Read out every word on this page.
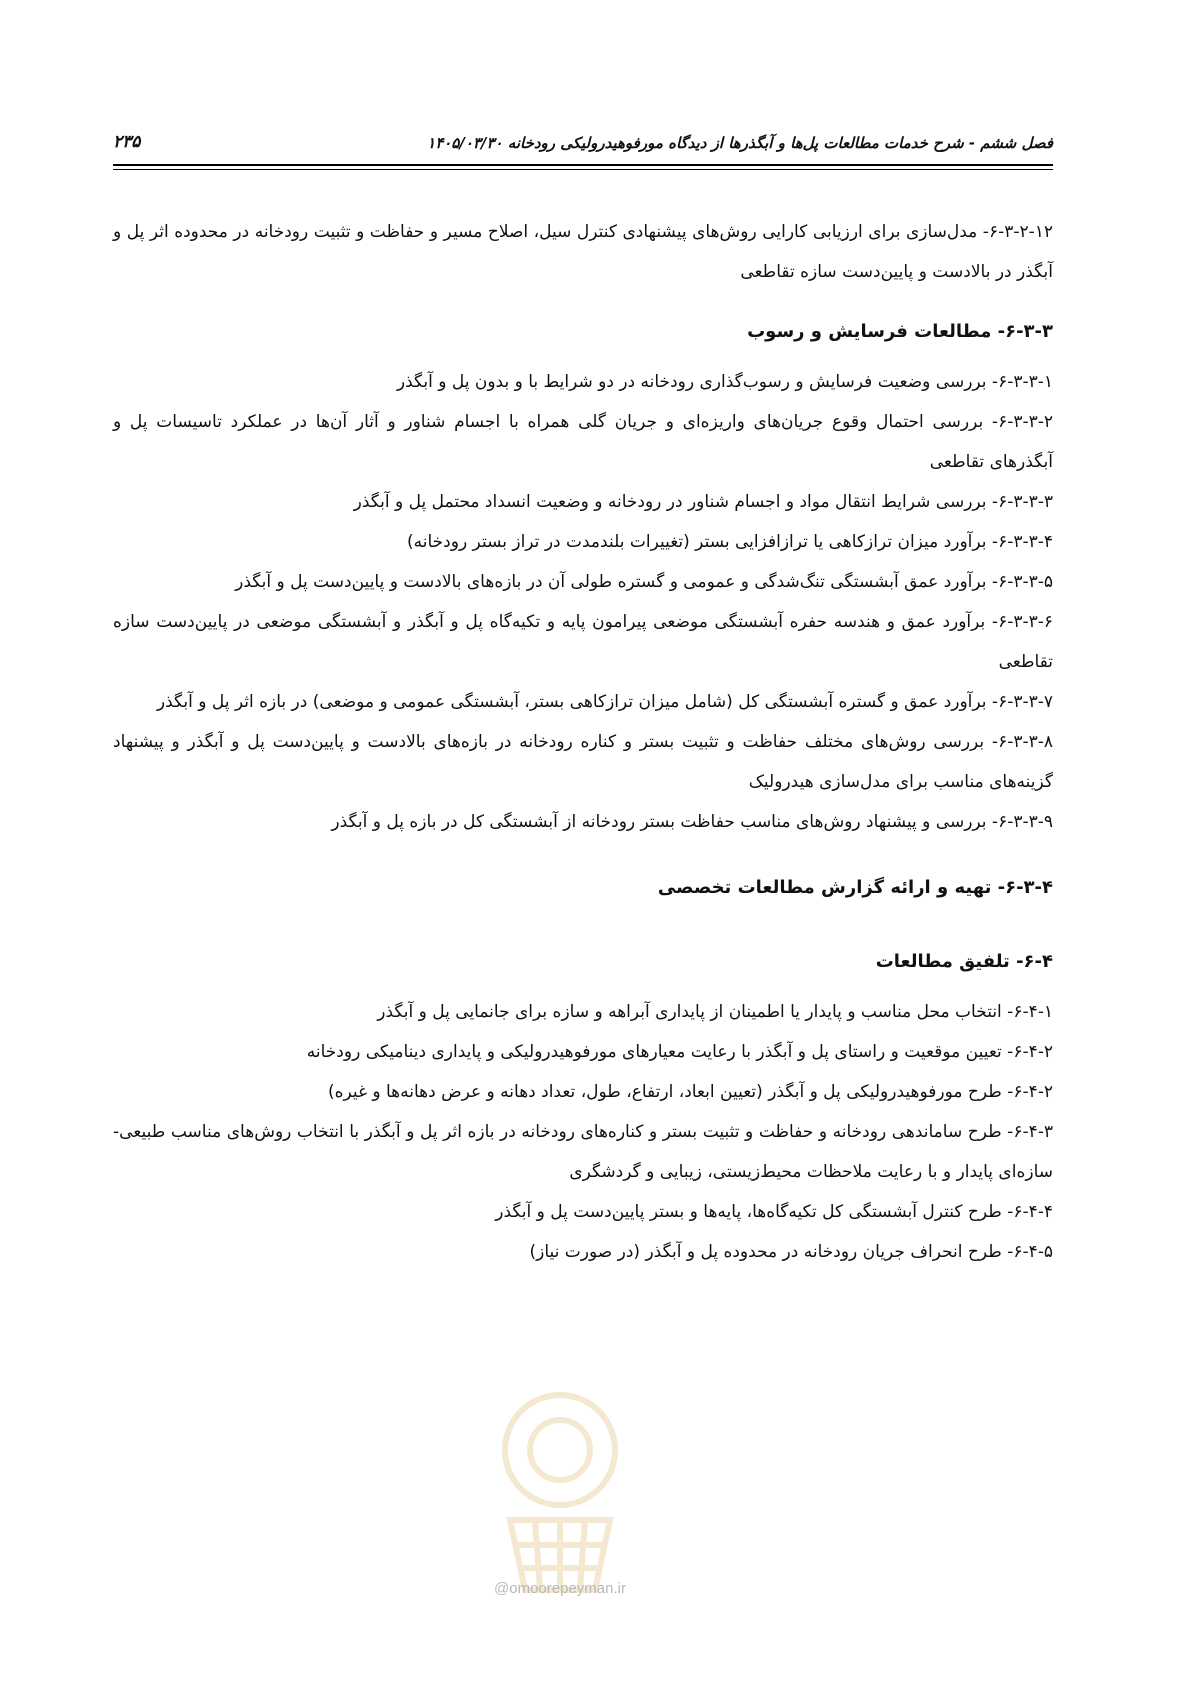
فصل ششم - شرح خدمات مطالعات پل‌ها و آبگذرها از دیدگاه مورفوهیدرولیکی رودخانه ۱۴۰۵/۰۳/۳۰
۲۳۵

۶-۳-۲-۱۲- مدل‌سازی برای ارزیابی کارایی روش‌های پیشنهادی کنترل سیل، اصلاح مسیر و حفاظت و تثبیت رودخانه در محدوده اثر پل و آبگذر در بالادست و پایین‌دست سازه تقاطعی

۶-۳-۳- مطالعات فرسایش و رسوب

۶-۳-۳-۱- بررسی وضعیت فرسایش و رسوب‌گذاری رودخانه در دو شرایط با و بدون پل و آبگذر

۶-۳-۳-۲- بررسی احتمال وقوع جریان‌های واریزه‌ای و جریان گلی همراه با اجسام شناور و آثار آن‌ها در عملکرد تاسیسات پل و آبگذرهای تقاطعی

۶-۳-۳-۳- بررسی شرایط انتقال مواد و اجسام شناور در رودخانه و وضعیت انسداد محتمل پل و آبگذر

۶-۳-۳-۴- برآورد میزان ترازکاهی یا ترازافزایی بستر (تغییرات بلندمدت در تراز بستر رودخانه)

۶-۳-۳-۵- برآورد عمق آبشستگی تنگ‌شدگی و عمومی و گستره طولی آن در بازه‌های بالادست و پایین‌دست پل و آبگذر

۶-۳-۳-۶- برآورد عمق و هندسه حفره آبشستگی موضعی پیرامون پایه و تکیه‌گاه پل و آبگذر و آبشستگی موضعی در پایین‌دست سازه تقاطعی

۶-۳-۳-۷- برآورد عمق و گستره آبشستگی کل (شامل میزان ترازکاهی بستر، آبشستگی عمومی و موضعی) در بازه اثر پل و آبگذر

۶-۳-۳-۸- بررسی روش‌های مختلف حفاظت و تثبیت بستر و کناره رودخانه در بازه‌های بالادست و پایین‌دست پل و آبگذر و پیشنهاد گزینه‌های مناسب برای مدل‌سازی هیدرولیک

۶-۳-۳-۹- بررسی و پیشنهاد روش‌های مناسب حفاظت بستر رودخانه از آبشستگی کل در بازه پل و آبگذر

۶-۳-۴- تهیه و ارائه گزارش مطالعات تخصصی
۶-۴- تلفیق مطالعات

۶-۴-۱- انتخاب محل مناسب و پایدار یا اطمینان از پایداری آبراهه و سازه برای جانمایی پل و آبگذر

۶-۴-۲- تعیین موقعیت و راستای پل و آبگذر با رعایت معیارهای مورفوهیدرولیکی و پایداری دینامیکی رودخانه

۶-۴-۲- طرح مورفوهیدرولیکی پل و آبگذر (تعیین ابعاد، ارتفاع، طول، تعداد دهانه و عرض دهانه‌ها و غیره)

۶-۴-۳- طرح ساماندهی رودخانه و حفاظت و تثبیت بستر و کناره‌های رودخانه در بازه اثر پل و آبگذر با انتخاب روش‌های مناسب طبیعی- سازه‌ای پایدار و با رعایت ملاحظات محیط‌زیستی، زیبایی و گردشگری

۶-۴-۴- طرح کنترل آبشستگی کل تکیه‌گاه‌ها، پایه‌ها و بستر پایین‌دست پل و آبگذر

۶-۴-۵- طرح انحراف جریان رودخانه در محدوده پل و آبگذر (در صورت نیاز)

@omoorepeyman.ir
